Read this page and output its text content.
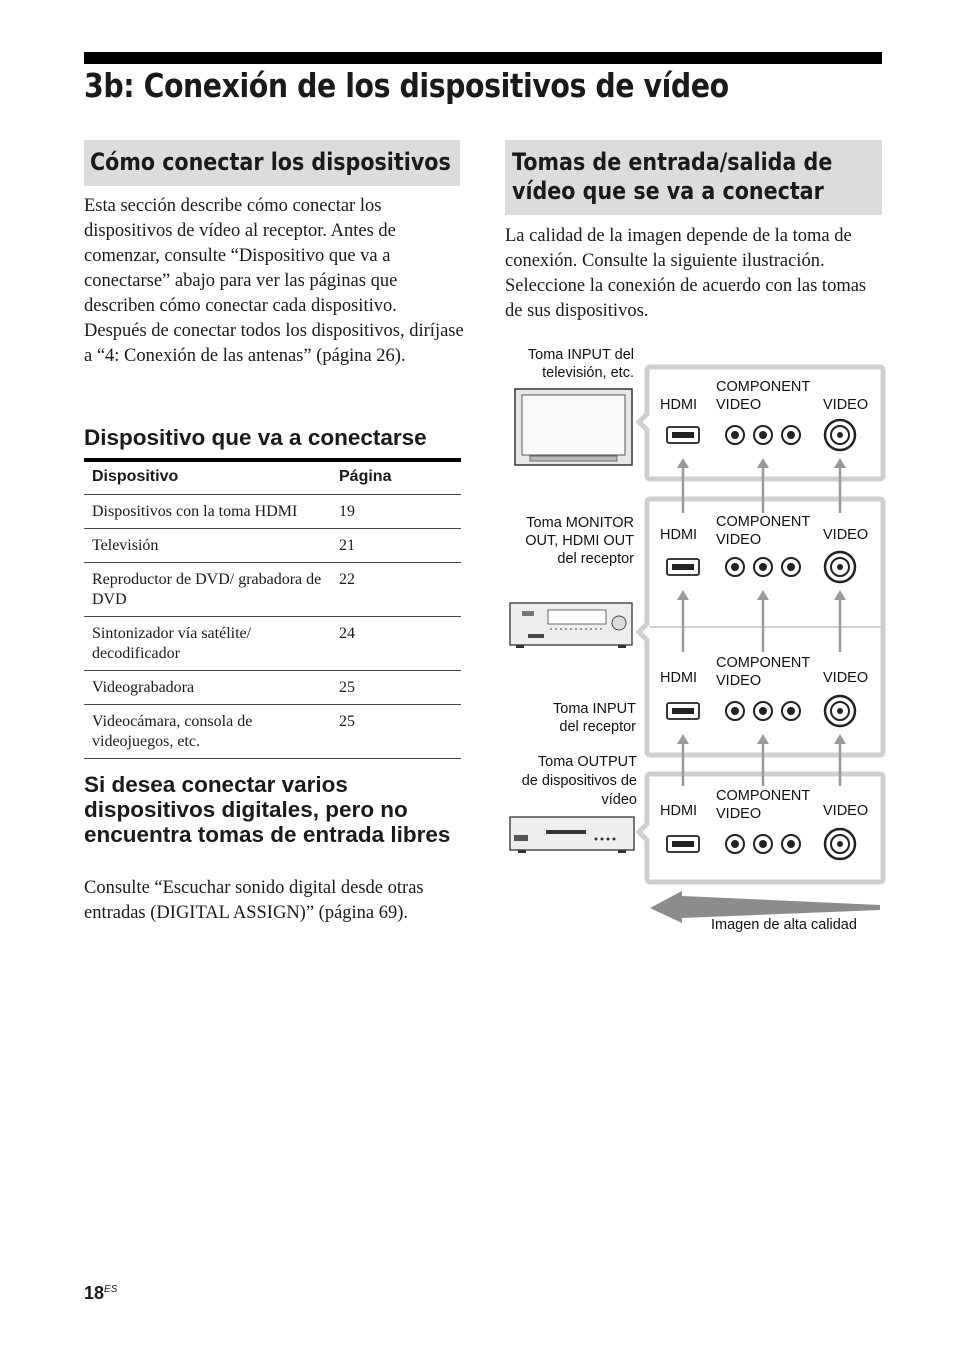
3b: Conexión de los dispositivos de vídeo
Cómo conectar los dispositivos
Esta sección describe cómo conectar los dispositivos de vídeo al receptor. Antes de comenzar, consulte “Dispositivo que va a conectarse” abajo para ver las páginas que describen cómo conectar cada dispositivo. Después de conectar todos los dispositivos, diríjase a “4: Conexión de las antenas” (página 26).
Dispositivo que va a conectarse
Dispositivo	Página
Dispositivos con la toma HDMI	19
Televisión	21
Reproductor de DVD/ grabadora de DVD	22
Sintonizador vía satélite/ decodificador	24
Videograbadora	25
Videocámara, consola de videojuegos, etc.	25
Si desea conectar varios dispositivos digitales, pero no encuentra tomas de entrada libres
Consulte “Escuchar sonido digital desde otras entradas (DIGITAL ASSIGN)” (página 69).
Tomas de entrada/salida de
vídeo que se va a conectar
La calidad de la imagen depende de la toma de conexión. Consulte la siguiente ilustración. Seleccione la conexión de acuerdo con las tomas de sus dispositivos.
Toma INPUT del
televisión, etc.
Toma MONITOR
OUT, HDMI OUT
del receptor
Toma INPUT
del receptor
Toma OUTPUT
de dispositivos de
vídeo
HDMI
COMPONENT
VIDEO	VIDEO
HDMI
COMPONENT
VIDEO	VIDEO
HDMI
COMPONENT
VIDEO	VIDEO
HDMI
COMPONENT
VIDEO	VIDEO
Imagen de alta calidad
$18^{ES}$
